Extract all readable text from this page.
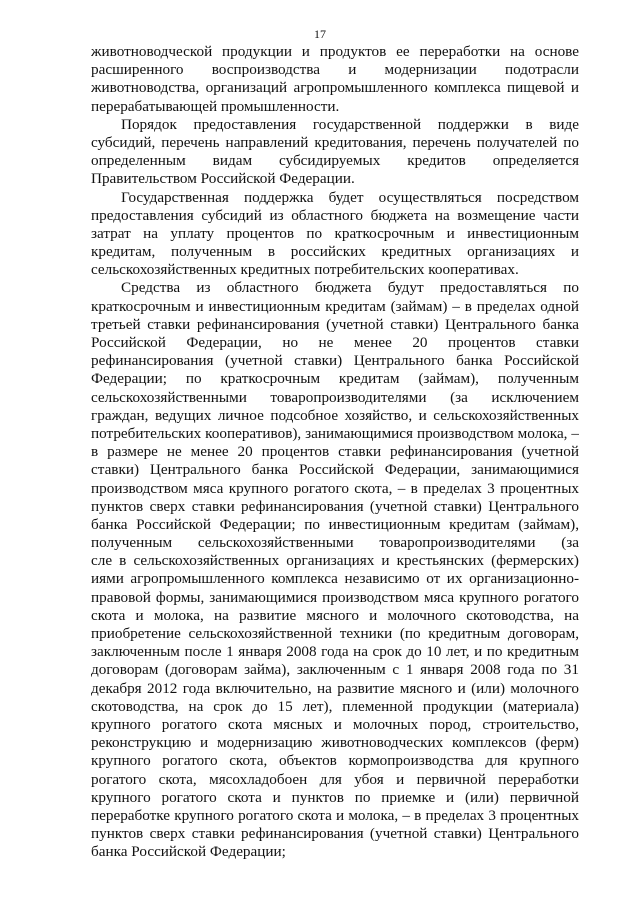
17
животноводческой продукции и продуктов ее переработки на основе
расширенного воспроизводства и модернизации подотрасли
животноводства, организаций агропромышленного комплекса пищевой и
перерабатывающей промышленности.
Порядок предоставления государственной поддержки в виде
субсидий, перечень направлений кредитования, перечень получателей по
определенным видам субсидируемых кредитов определяется
Правительством Российской Федерации.
Государственная поддержка будет осуществляться посредством
предоставления субсидий из областного бюджета на возмещение части
затрат на уплату процентов по краткосрочным и инвестиционным
кредитам, полученным в российских кредитных организациях и
сельскохозяйственных кредитных потребительских кооперативах.
Средства из областного бюджета будут предоставляться по
краткосрочным и инвестиционным кредитам (займам) – в пределах одной
третьей ставки рефинансирования (учетной ставки) Центрального банка
Российской Федерации, но не менее 20 процентов ставки
рефинансирования (учетной ставки) Центрального банка Российской
Федерации; по краткосрочным кредитам (займам), полученным
сельскохозяйственными товаропроизводителями (за исключением
граждан, ведущих личное подсобное хозяйство, и сельскохозяйственных
потребительских кооперативов), занимающимися производством молока, –
в размере не менее 20 процентов ставки рефинансирования (учетной
ставки) Центрального банка Российской Федерации, занимающимися
производством мяса крупного рогатого скота, – в пределах 3 процентных
пунктов сверх ставки рефинансирования (учетной ставки) Центрального
банка Российской Федерации; по инвестиционным кредитам (займам),
полученным сельскохозяйственными товаропроизводителями (за
сле в сельскохозяйственных организациях и крестьянских (фермерских)
иями агропромышленного комплекса независимо от их организационно-
правовой формы, занимающимися производством мяса крупного рогатого
скота и молока, на развитие мясного и молочного скотоводства, на
приобретение сельскохозяйственной техники (по кредитным договорам,
заключенным после 1 января 2008 года на срок до 10 лет, и по кредитным
договорам (договорам займа), заключенным с 1 января 2008 года по 31
декабря 2012 года включительно, на развитие мясного и (или) молочного
скотоводства, на срок до 15 лет), племенной продукции (материала)
крупного рогатого скота мясных и молочных пород, строительство,
реконструкцию и модернизацию животноводческих комплексов (ферм)
крупного рогатого скота, объектов кормопроизводства для крупного
рогатого скота, мясохладобоен для убоя и первичной переработки
крупного рогатого скота и пунктов по приемке и (или) первичной
переработке крупного рогатого скота и молока, – в пределах 3 процентных
пунктов сверх ставки рефинансирования (учетной ставки) Центрального
банка Российской Федерации;
